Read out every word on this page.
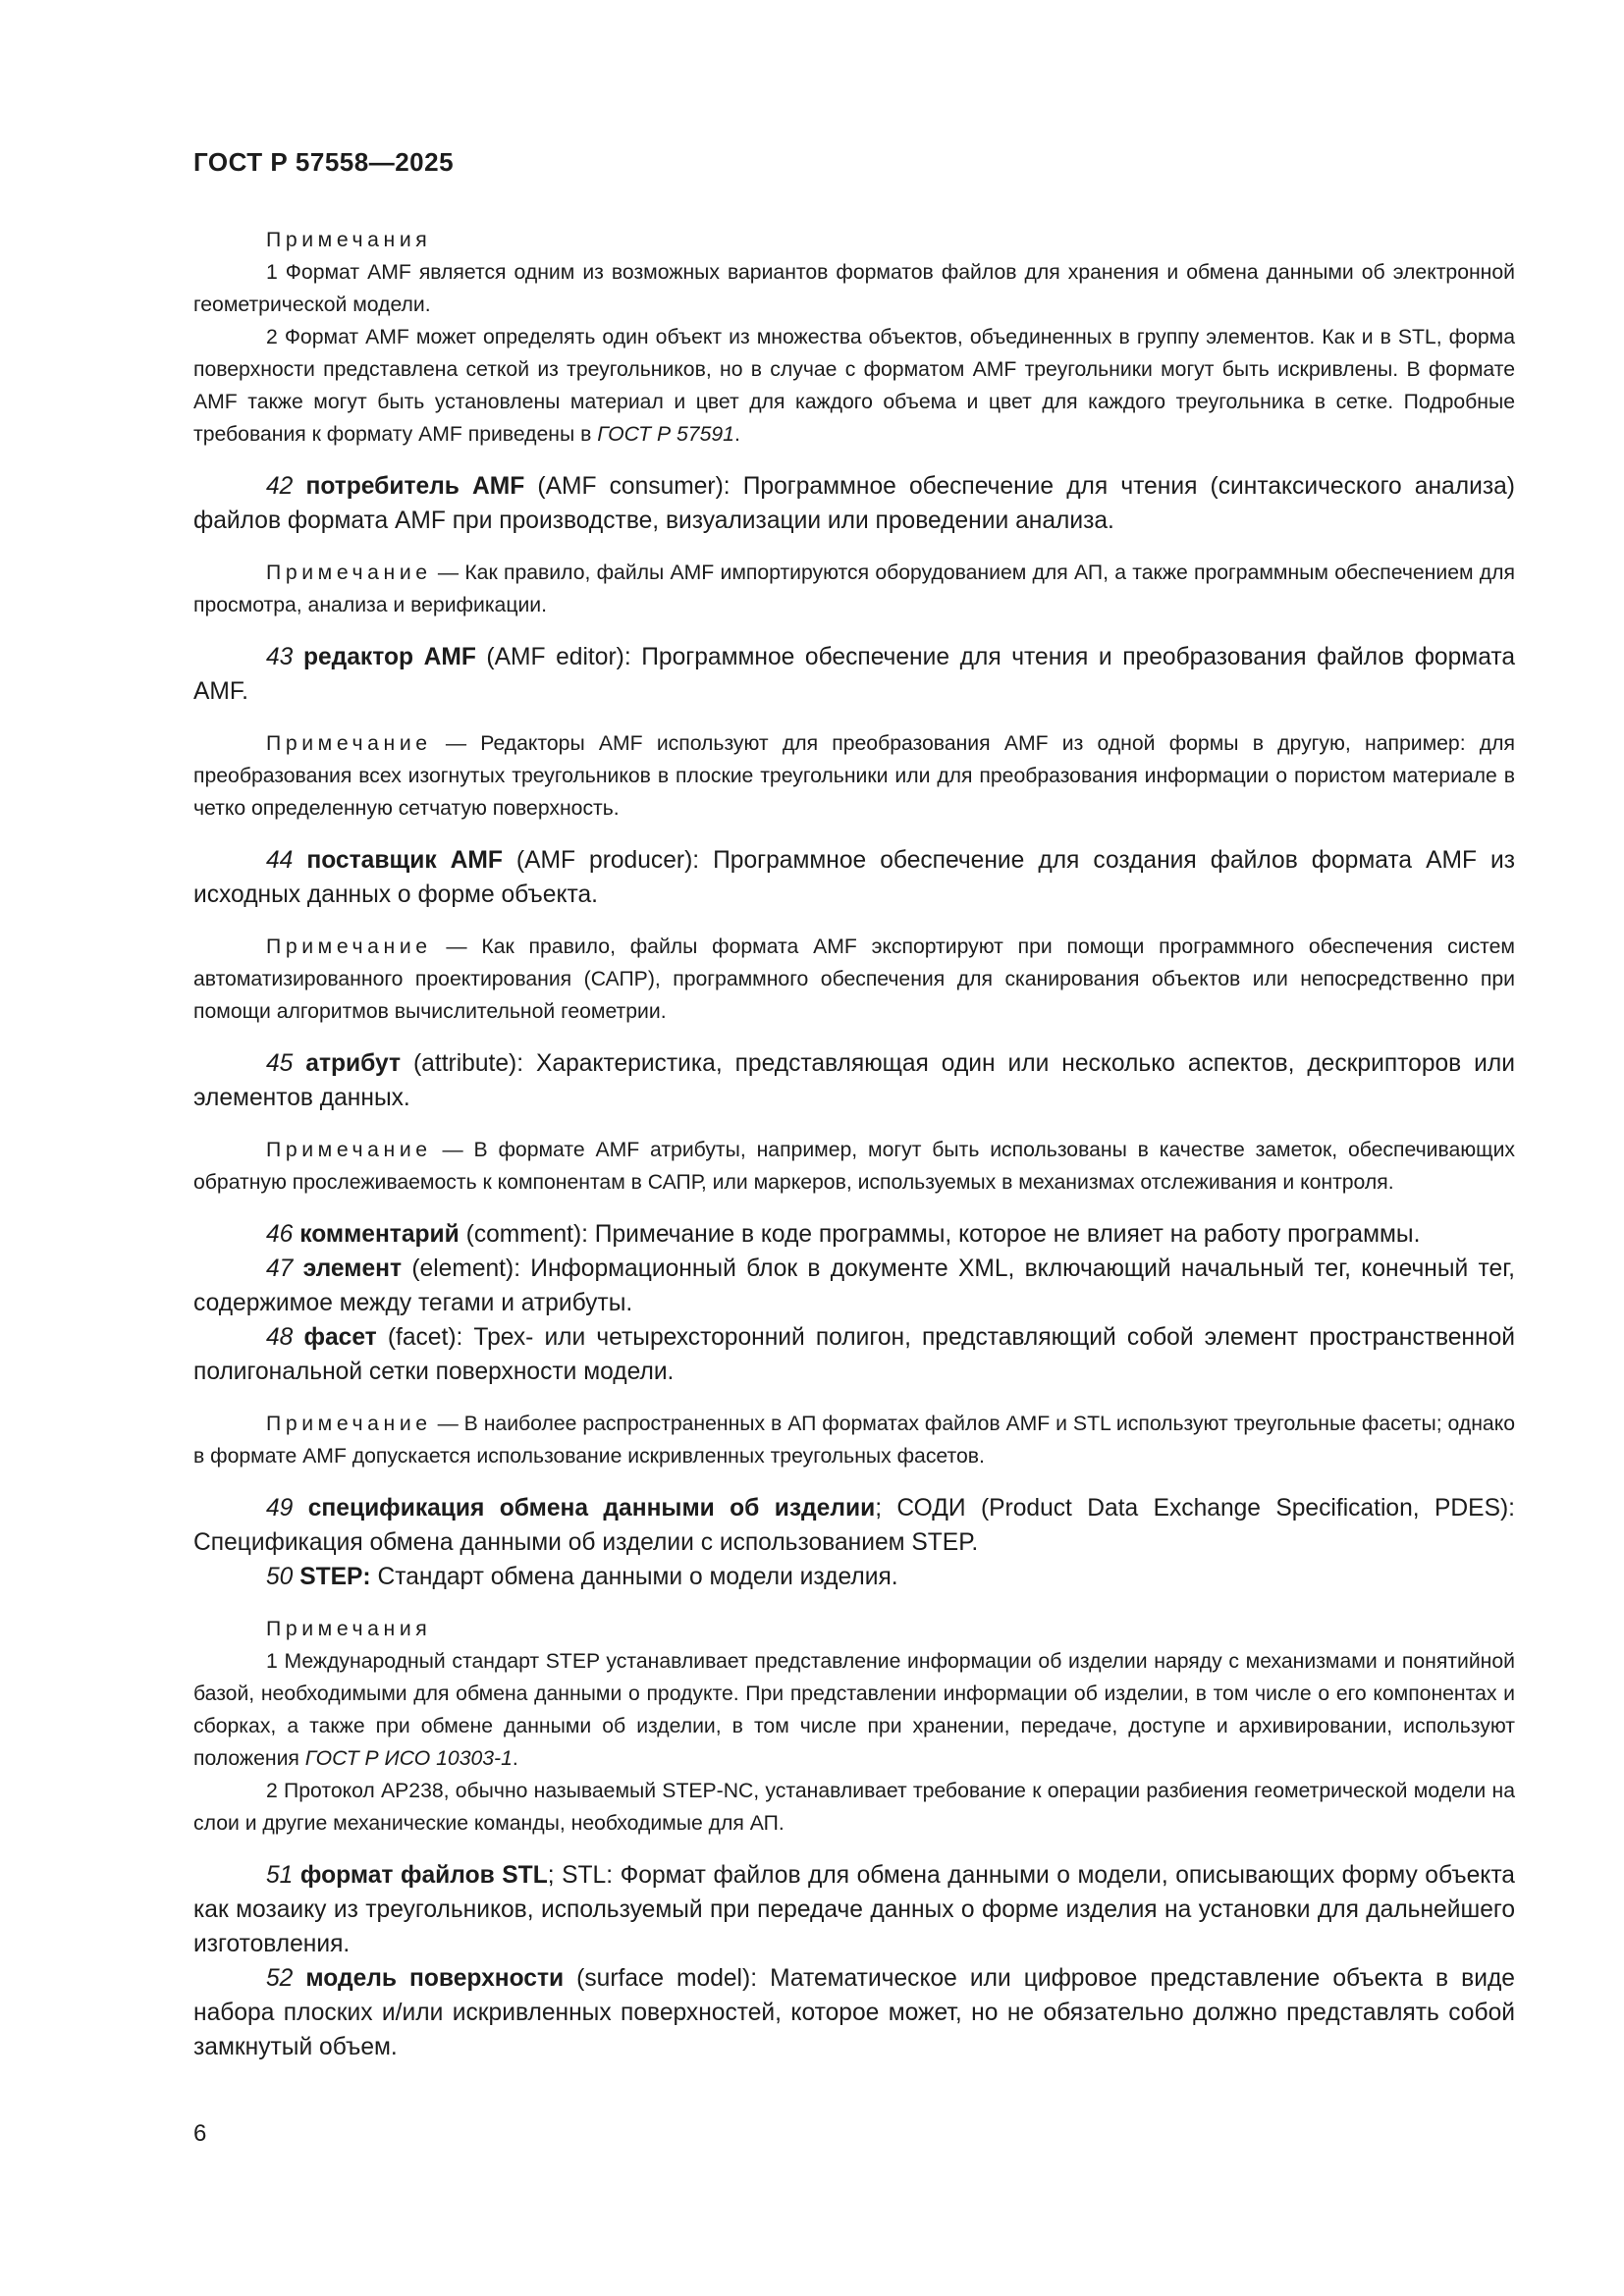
ГОСТ Р 57558—2025

Примечания

1 Формат AMF является одним из возможных вариантов форматов файлов для хранения и обмена данными об электронной геометрической модели.

2 Формат AMF может определять один объект из множества объектов, объединенных в группу элементов. Как и в STL, форма поверхности представлена сеткой из треугольников, но в случае с форматом AMF треугольники могут быть искривлены. В формате AMF также могут быть установлены материал и цвет для каждого объема и цвет для каждого треугольника в сетке. Подробные требования к формату AMF приведены в ГОСТ Р 57591.

42 потребитель AMF (AMF consumer): Программное обеспечение для чтения (синтаксического анализа) файлов формата AMF при производстве, визуализации или проведении анализа.

Примечание — Как правило, файлы AMF импортируются оборудованием для АП, а также программным обеспечением для просмотра, анализа и верификации.

43 редактор AMF (AMF editor): Программное обеспечение для чтения и преобразования файлов формата AMF.

Примечание — Редакторы AMF используют для преобразования AMF из одной формы в другую, например: для преобразования всех изогнутых треугольников в плоские треугольники или для преобразования информации о пористом материале в четко определенную сетчатую поверхность.

44 поставщик AMF (AMF producer): Программное обеспечение для создания файлов формата AMF из исходных данных о форме объекта.

Примечание — Как правило, файлы формата AMF экспортируют при помощи программного обеспечения систем автоматизированного проектирования (САПР), программного обеспечения для сканирования объектов или непосредственно при помощи алгоритмов вычислительной геометрии.

45 атрибут (attribute): Характеристика, представляющая один или несколько аспектов, дескрипторов или элементов данных.

Примечание — В формате AMF атрибуты, например, могут быть использованы в качестве заметок, обеспечивающих обратную прослеживаемость к компонентам в САПР, или маркеров, используемых в механизмах отслеживания и контроля.

46 комментарий (comment): Примечание в коде программы, которое не влияет на работу программы.

47 элемент (element): Информационный блок в документе XML, включающий начальный тег, конечный тег, содержимое между тегами и атрибуты.

48 фасет (facet): Трех- или четырехсторонний полигон, представляющий собой элемент пространственной полигональной сетки поверхности модели.

Примечание — В наиболее распространенных в АП форматах файлов AMF и STL используют треугольные фасеты; однако в формате AMF допускается использование искривленных треугольных фасетов.

49 спецификация обмена данными об изделии; СОДИ (Product Data Exchange Specification, PDES): Спецификация обмена данными об изделии с использованием STEP.

50 STEP: Стандарт обмена данными о модели изделия.

Примечания

1 Международный стандарт STEP устанавливает представление информации об изделии наряду с механизмами и понятийной базой, необходимыми для обмена данными о продукте. При представлении информации об изделии, в том числе о его компонентах и сборках, а также при обмене данными об изделии, в том числе при хранении, передаче, доступе и архивировании, используют положения ГОСТ Р ИСО 10303-1.

2 Протокол AP238, обычно называемый STEP-NC, устанавливает требование к операции разбиения геометрической модели на слои и другие механические команды, необходимые для АП.

51 формат файлов STL; STL: Формат файлов для обмена данными о модели, описывающих форму объекта как мозаику из треугольников, используемый при передаче данных о форме изделия на установки для дальнейшего изготовления.

52 модель поверхности (surface model): Математическое или цифровое представление объекта в виде набора плоских и/или искривленных поверхностей, которое может, но не обязательно должно представлять собой замкнутый объем.

6
